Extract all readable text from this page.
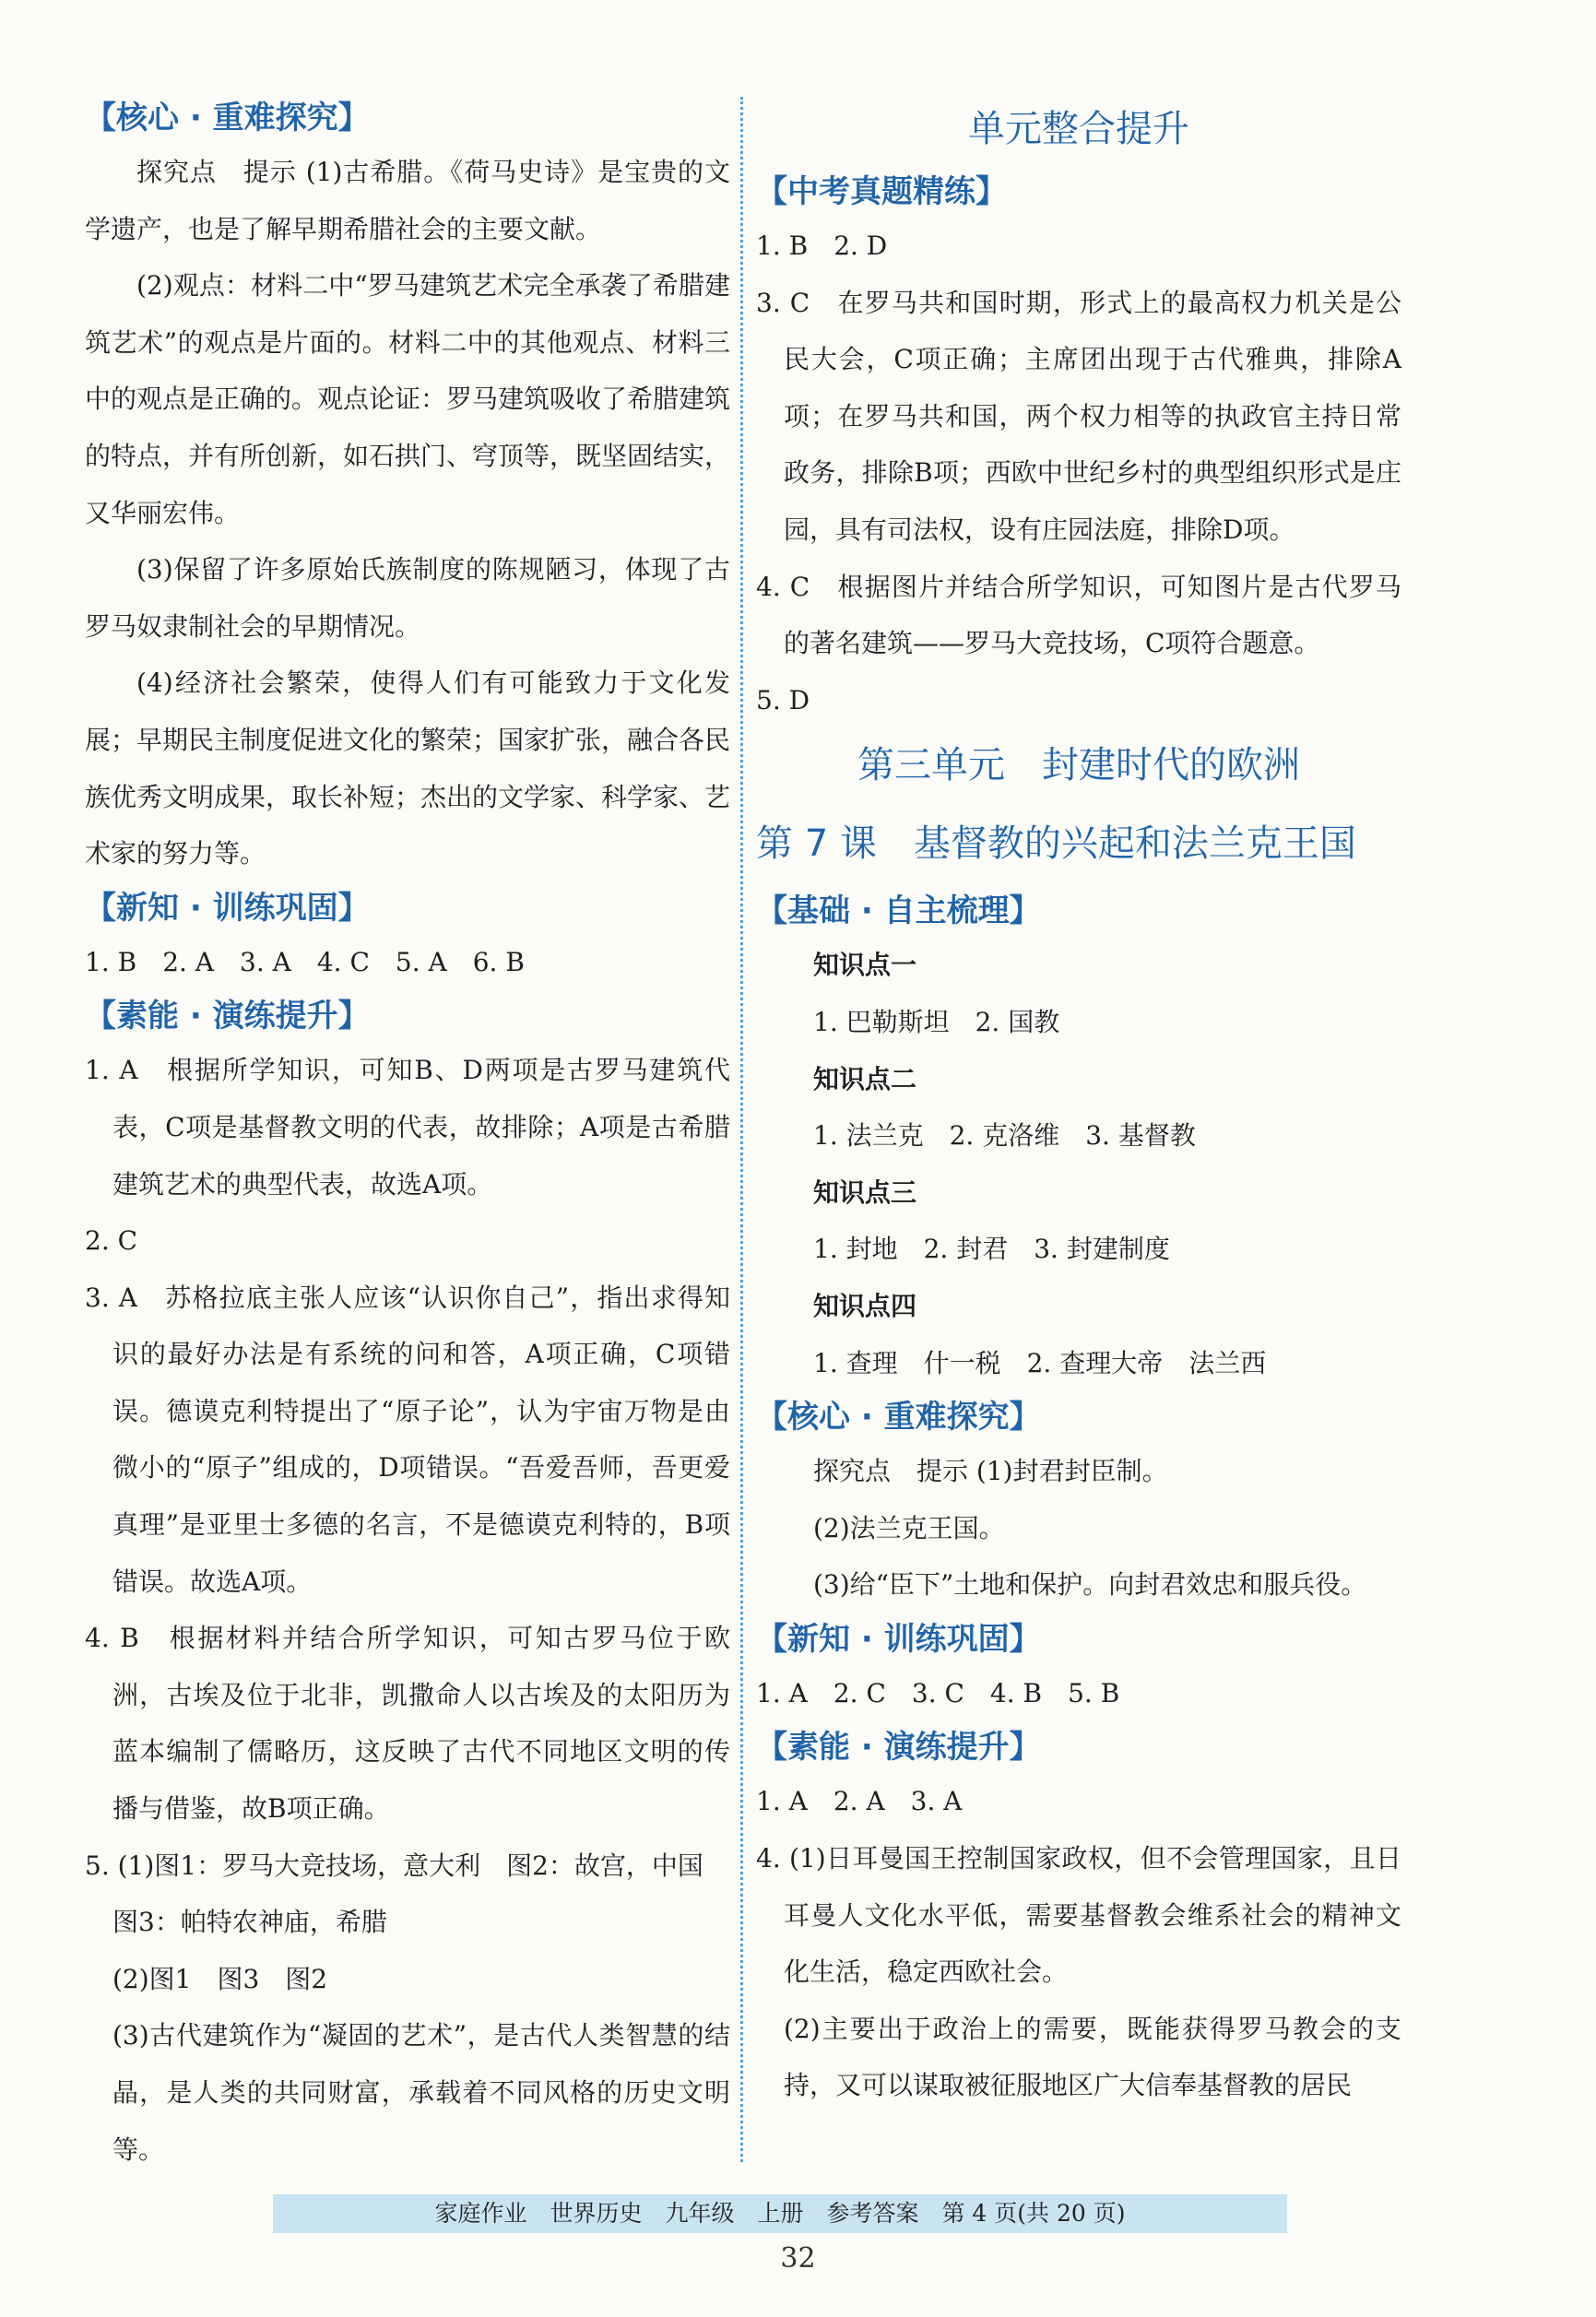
【核心 · 重难探究】

探究点　提示 (1)古希腊。《荷马史诗》是宝贵的文学遗产，也是了解早期希腊社会的主要文献。

(2)观点：材料二中“罗马建筑艺术完全承袭了希腊建筑艺术”的观点是片面的。材料二中的其他观点、材料三中的观点是正确的。观点论证：罗马建筑吸收了希腊建筑的特点，并有所创新，如石拱门、穹顶等，既坚固结实，又华丽宏伟。

(3)保留了许多原始氏族制度的陈规陋习，体现了古罗马奴隶制社会的早期情况。

(4)经济社会繁荣，使得人们有可能致力于文化发展；早期民主制度促进文化的繁荣；国家扩张，融合各民族优秀文明成果，取长补短；杰出的文学家、科学家、艺术家的努力等。

【新知 · 训练巩固】

1. B　2. A　3. A　4. C　5. A　6. B

【素能 · 演练提升】

1. A　根据所学知识，可知B、D两项是古罗马建筑代表，C项是基督教文明的代表，故排除；A项是古希腊建筑艺术的典型代表，故选A项。

2. C

3. A　苏格拉底主张人应该“认识你自己”，指出求得知识的最好办法是有系统的问和答，A项正确，C项错误。德谟克利特提出了“原子论”，认为宇宙万物是由微小的“原子”组成的，D项错误。“吾爱吾师，吾更爱真理”是亚里士多德的名言，不是德谟克利特的，B项错误。故选A项。

4. B　根据材料并结合所学知识，可知古罗马位于欧洲，古埃及位于北非，凯撒命人以古埃及的太阳历为蓝本编制了儒略历，这反映了古代不同地区文明的传播与借鉴，故B项正确。

5. (1)图1：罗马大竞技场，意大利　图2：故宫，中国

图3：帕特农神庙，希腊

(2)图1　图3　图2

(3)古代建筑作为“凝固的艺术”，是古代人类智慧的结晶，是人类的共同财富，承载着不同风格的历史文明等。

单元整合提升
【中考真题精练】

1. B　2. D

3. C　在罗马共和国时期，形式上的最高权力机关是公民大会，C项正确；主席团出现于古代雅典，排除A项；在罗马共和国，两个权力相等的执政官主持日常政务，排除B项；西欧中世纪乡村的典型组织形式是庄园，具有司法权，设有庄园法庭，排除D项。

4. C　根据图片并结合所学知识，可知图片是古代罗马的著名建筑——罗马大竞技场，C项符合题意。

5. D

第三单元　封建时代的欧洲
第 7 课　基督教的兴起和法兰克王国
【基础 · 自主梳理】

知识点一

1. 巴勒斯坦　2. 国教

知识点二

1. 法兰克　2. 克洛维　3. 基督教

知识点三

1. 封地　2. 封君　3. 封建制度

知识点四

1. 查理　什一税　2. 查理大帝　法兰西

【核心 · 重难探究】

探究点　提示 (1)封君封臣制。

(2)法兰克王国。

(3)给“臣下”土地和保护。向封君效忠和服兵役。

【新知 · 训练巩固】

1. A　2. C　3. C　4. B　5. B

【素能 · 演练提升】

1. A　2. A　3. A

4. (1)日耳曼国王控制国家政权，但不会管理国家，且日耳曼人文化水平低，需要基督教会维系社会的精神文化生活，稳定西欧社会。

(2)主要出于政治上的需要，既能获得罗马教会的支持，又可以谋取被征服地区广大信奉基督教的居民

家庭作业　世界历史　九年级　上册　参考答案　第 4 页(共 20 页)
32
